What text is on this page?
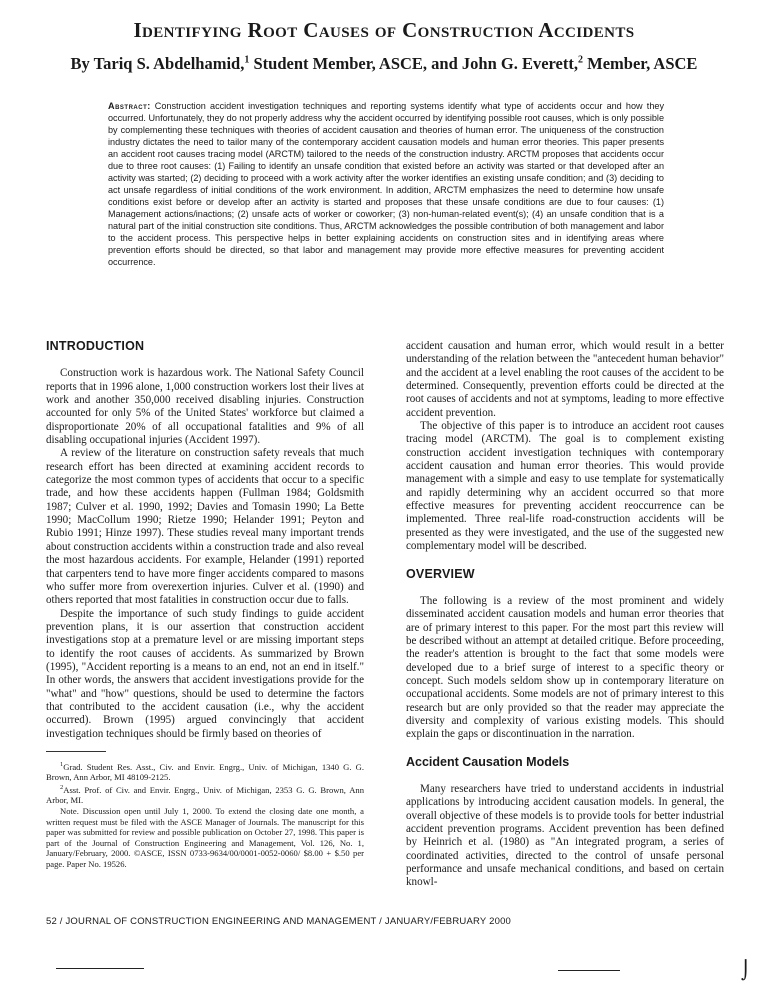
Identifying Root Causes of Construction Accidents
By Tariq S. Abdelhamid,$^1$ Student Member, ASCE, and John G. Everett,$^2$ Member, ASCE
Abstract: Construction accident investigation techniques and reporting systems identify what type of accidents occur and how they occurred. Unfortunately, they do not properly address why the accident occurred by identifying possible root causes, which is only possible by complementing these techniques with theories of accident causation and theories of human error. The uniqueness of the construction industry dictates the need to tailor many of the contemporary accident causation models and human error theories. This paper presents an accident root causes tracing model (ARCTM) tailored to the needs of the construction industry. ARCTM proposes that accidents occur due to three root causes: (1) Failing to identify an unsafe condition that existed before an activity was started or that developed after an activity was started; (2) deciding to proceed with a work activity after the worker identifies an existing unsafe condition; and (3) deciding to act unsafe regardless of initial conditions of the work environment. In addition, ARCTM emphasizes the need to determine how unsafe conditions exist before or develop after an activity is started and proposes that these unsafe conditions are due to four causes: (1) Management actions/inactions; (2) unsafe acts of worker or coworker; (3) non-human-related event(s); (4) an unsafe condition that is a natural part of the initial construction site conditions. Thus, ARCTM acknowledges the possible contribution of both management and labor to the accident process. This perspective helps in better explaining accidents on construction sites and in identifying areas where prevention efforts should be directed, so that labor and management may provide more effective measures for preventing accident occurrence.
INTRODUCTION

Construction work is hazardous work. The National Safety Council reports that in 1996 alone, 1,000 construction workers lost their lives at work and another 350,000 received disabling injuries. Construction accounted for only 5% of the United States' workforce but claimed a disproportionate 20% of all occupational fatalities and 9% of all disabling occupational injuries (Accident 1997).

A review of the literature on construction safety reveals that much research effort has been directed at examining accident records to categorize the most common types of accidents that occur to a specific trade, and how these accidents happen (Fullman 1984; Goldsmith 1987; Culver et al. 1990, 1992; Davies and Tomasin 1990; La Bette 1990; MacCollum 1990; Rietze 1990; Helander 1991; Peyton and Rubio 1991; Hinze 1997). These studies reveal many important trends about construction accidents within a construction trade and also reveal the most hazardous accidents. For example, Helander (1991) reported that carpenters tend to have more finger accidents compared to masons who suffer more from overexertion injuries. Culver et al. (1990) and others reported that most fatalities in construction occur due to falls.

Despite the importance of such study findings to guide accident prevention plans, it is our assertion that construction accident investigations stop at a premature level or are missing important steps to identify the root causes of accidents. As summarized by Brown (1995), "Accident reporting is a means to an end, not an end in itself." In other words, the answers that accident investigations provide for the "what" and "how" questions, should be used to determine the factors that contributed to the accident causation (i.e., why the accident occurred). Brown (1995) argued convincingly that accident investigation techniques should be firmly based on theories of

$^1$Grad. Student Res. Asst., Civ. and Envir. Engrg., Univ. of Michigan, 1340 G. G. Brown, Ann Arbor, MI 48109-2125.

$^2$Asst. Prof. of Civ. and Envir. Engrg., Univ. of Michigan, 2353 G. G. Brown, Ann Arbor, MI.

Note. Discussion open until July 1, 2000. To extend the closing date one month, a written request must be filed with the ASCE Manager of Journals. The manuscript for this paper was submitted for review and possible publication on October 27, 1998. This paper is part of the Journal of Construction Engineering and Management, Vol. 126, No. 1, January/February, 2000. ©ASCE, ISSN 0733-9634/00/0001-0052-0060/ $8.00 + $.50 per page. Paper No. 19526.

accident causation and human error, which would result in a better understanding of the relation between the "antecedent human behavior" and the accident at a level enabling the root causes of the accident to be determined. Consequently, prevention efforts could be directed at the root causes of accidents and not at symptoms, leading to more effective accident prevention.

The objective of this paper is to introduce an accident root causes tracing model (ARCTM). The goal is to complement existing construction accident investigation techniques with contemporary accident causation and human error theories. This would provide management with a simple and easy to use template for systematically and rapidly determining why an accident occurred so that more effective measures for preventing accident reoccurrence can be implemented. Three real-life road-construction accidents will be presented as they were investigated, and the use of the suggested new complementary model will be described.

OVERVIEW

The following is a review of the most prominent and widely disseminated accident causation models and human error theories that are of primary interest to this paper. For the most part this review will be described without an attempt at detailed critique. Before proceeding, the reader's attention is brought to the fact that some models were developed due to a brief surge of interest to a specific theory or concept. Such models seldom show up in contemporary literature on occupational accidents. Some models are not of primary interest to this research but are only provided so that the reader may appreciate the diversity and complexity of various existing models. This should explain the gaps or discontinuation in the narration.

Accident Causation Models

Many researchers have tried to understand accidents in industrial applications by introducing accident causation models. In general, the overall objective of these models is to provide tools for better industrial accident prevention programs. Accident prevention has been defined by Heinrich et al. (1980) as "An integrated program, a series of coordinated activities, directed to the control of unsafe personal performance and unsafe mechanical conditions, and based on certain knowl-

52 / JOURNAL OF CONSTRUCTION ENGINEERING AND MANAGEMENT / JANUARY/FEBRUARY 2000
⌡
